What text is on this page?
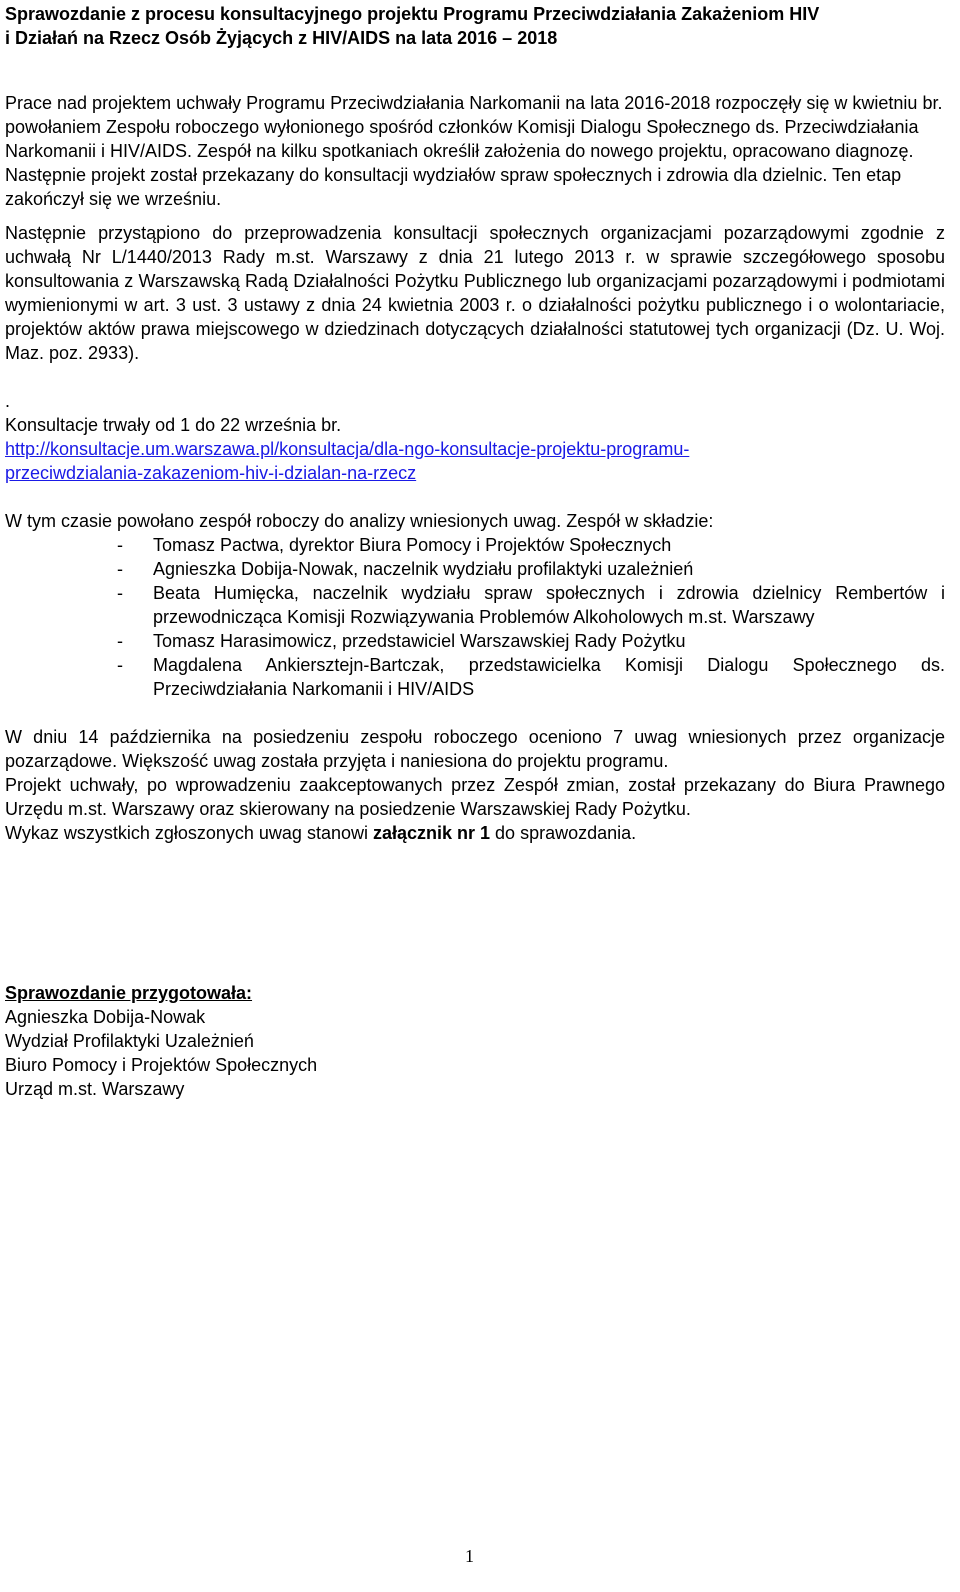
Sprawozdanie z procesu konsultacyjnego projektu Programu Przeciwdziałania Zakażeniom HIV
i Działań na Rzecz Osób Żyjących z HIV/AIDS na lata 2016 – 2018

Prace nad projektem uchwały Programu Przeciwdziałania Narkomanii na lata 2016-2018 rozpoczęły się w kwietniu br. powołaniem Zespołu roboczego wyłonionego spośród członków Komisji Dialogu Społecznego ds. Przeciwdziałania Narkomanii i HIV/AIDS. Zespół na kilku spotkaniach określił założenia do nowego projektu, opracowano diagnozę. Następnie projekt został przekazany do konsultacji wydziałów spraw społecznych i zdrowia dla dzielnic. Ten etap zakończył się we wrześniu.

Następnie przystąpiono do przeprowadzenia konsultacji społecznych organizacjami pozarządowymi zgodnie z uchwałą Nr L/1440/2013 Rady m.st. Warszawy z dnia 21 lutego 2013 r. w sprawie szczegółowego sposobu konsultowania z Warszawską Radą Działalności Pożytku Publicznego lub organizacjami pozarządowymi i podmiotami wymienionymi w art. 3 ust. 3 ustawy z dnia 24 kwietnia 2003 r. o działalności pożytku publicznego i o wolontariacie, projektów aktów prawa miejscowego w dziedzinach dotyczących działalności statutowej tych organizacji (Dz. U. Woj. Maz. poz. 2933).

.

Konsultacje trwały od 1 do 22 września br.

http://konsultacje.um.warszawa.pl/konsultacja/dla-ngo-konsultacje-projektu-programu-
przeciwdzialania-zakazeniom-hiv-i-dzialan-na-rzecz

W tym czasie powołano zespół roboczy do analizy wniesionych uwag. Zespół w składzie:

- Tomasz Pactwa, dyrektor Biura Pomocy i Projektów Społecznych
- Agnieszka Dobija-Nowak, naczelnik wydziału profilaktyki uzależnień
- Beata Humięcka, naczelnik wydziału spraw społecznych i zdrowia dzielnicy Rembertów i przewodnicząca Komisji Rozwiązywania Problemów Alkoholowych m.st. Warszawy
- Tomasz Harasimowicz, przedstawiciel Warszawskiej Rady Pożytku
- Magdalena Ankiersztejn-Bartczak, przedstawicielka Komisji Dialogu Społecznego ds. Przeciwdziałania Narkomanii i HIV/AIDS
W dniu 14 października na posiedzeniu zespołu roboczego oceniono 7 uwag wniesionych przez organizacje pozarządowe. Większość uwag została przyjęta i naniesiona do projektu programu.
Projekt uchwały, po wprowadzeniu zaakceptowanych przez Zespół zmian, został przekazany do Biura Prawnego Urzędu m.st. Warszawy oraz skierowany na posiedzenie Warszawskiej Rady Pożytku.
Wykaz wszystkich zgłoszonych uwag stanowi załącznik nr 1 do sprawozdania.

Sprawozdanie przygotowała:

Agnieszka Dobija-Nowak

Wydział Profilaktyki Uzależnień

Biuro Pomocy i Projektów Społecznych

Urząd m.st. Warszawy

1
